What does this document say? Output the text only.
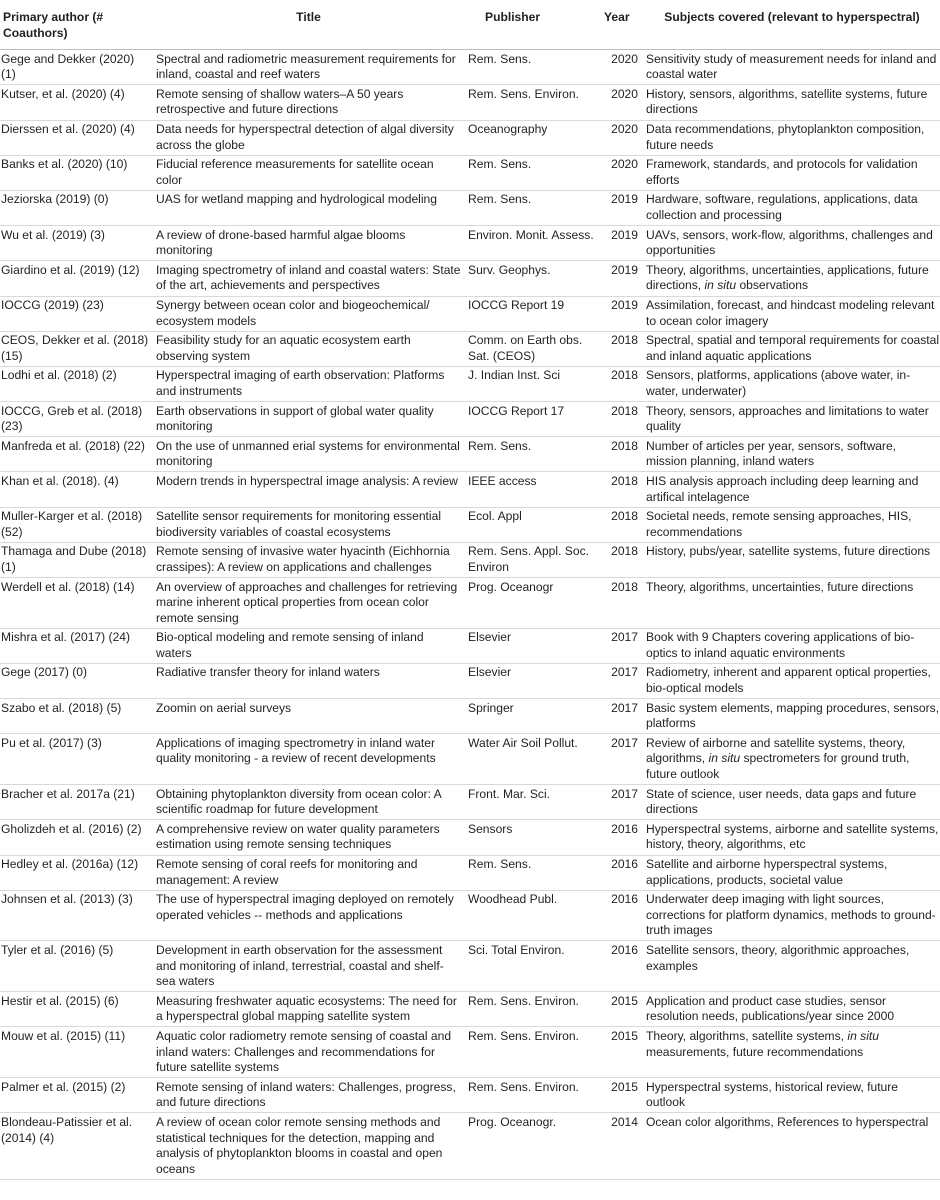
Primary author (# Coauthors)	Title	Publisher	Year	Subjects covered (relevant to hyperspectral)
Gege and Dekker (2020) (1)	Spectral and radiometric measurement requirements for inland, coastal and reef waters	Rem. Sens.	2020	Sensitivity study of measurement needs for inland and coastal water
Kutser, et al. (2020) (4)	Remote sensing of shallow waters–A 50 years retrospective and future directions	Rem. Sens. Environ.	2020	History, sensors, algorithms, satellite systems, future directions
Dierssen et al. (2020) (4)	Data needs for hyperspectral detection of algal diversity across the globe	Oceanography	2020	Data recommendations, phytoplankton composition, future needs
Banks et al. (2020) (10)	Fiducial reference measurements for satellite ocean color	Rem. Sens.	2020	Framework, standards, and protocols for validation efforts
Jeziorska (2019) (0)	UAS for wetland mapping and hydrological modeling	Rem. Sens.	2019	Hardware, software, regulations, applications, data collection and processing
Wu et al. (2019) (3)	A review of drone-based harmful algae blooms monitoring	Environ. Monit. Assess.	2019	UAVs, sensors, work-flow, algorithms, challenges and opportunities
Giardino et al. (2019) (12)	Imaging spectrometry of inland and coastal waters: State of the art, achievements and perspectives	Surv. Geophys.	2019	Theory, algorithms, uncertainties, applications, future directions, in situ observations
IOCCG (2019) (23)	Synergy between ocean color and biogeochemical/ ecosystem models	IOCCG Report 19	2019	Assimilation, forecast, and hindcast modeling relevant to ocean color imagery
CEOS, Dekker et al. (2018) (15)	Feasibility study for an aquatic ecosystem earth observing system	Comm. on Earth obs. Sat. (CEOS)	2018	Spectral, spatial and temporal requirements for coastal and inland aquatic applications
Lodhi et al. (2018) (2)	Hyperspectral imaging of earth observation: Platforms and instruments	J. Indian Inst. Sci	2018	Sensors, platforms, applications (above water, in-water, underwater)
IOCCG, Greb et al. (2018) (23)	Earth observations in support of global water quality monitoring	IOCCG Report 17	2018	Theory, sensors, approaches and limitations to water quality
Manfreda et al. (2018) (22)	On the use of unmanned erial systems for environmental monitoring	Rem. Sens.	2018	Number of articles per year, sensors, software, mission planning, inland waters
Khan et al. (2018). (4)	Modern trends in hyperspectral image analysis: A review	IEEE access	2018	HIS analysis approach including deep learning and artifical intelagence
Muller-Karger et al. (2018) (52)	Satellite sensor requirements for monitoring essential biodiversity variables of coastal ecosystems	Ecol. Appl	2018	Societal needs, remote sensing approaches, HIS, recommendations
Thamaga and Dube (2018) (1)	Remote sensing of invasive water hyacinth (Eichhornia crassipes): A review on applications and challenges	Rem. Sens. Appl. Soc. Environ	2018	History, pubs/year, satellite systems, future directions
Werdell et al. (2018) (14)	An overview of approaches and challenges for retrieving marine inherent optical properties from ocean color remote sensing	Prog. Oceanogr	2018	Theory, algorithms, uncertainties, future directions
Mishra et al. (2017) (24)	Bio-optical modeling and remote sensing of inland waters	Elsevier	2017	Book with 9 Chapters covering applications of bio-optics to inland aquatic environments
Gege (2017) (0)	Radiative transfer theory for inland waters	Elsevier	2017	Radiometry, inherent and apparent optical properties, bio-optical models
Szabo et al. (2018) (5)	Zoomin on aerial surveys	Springer	2017	Basic system elements, mapping procedures, sensors, platforms
Pu et al. (2017) (3)	Applications of imaging spectrometry in inland water quality monitoring - a review of recent developments	Water Air Soil Pollut.	2017	Review of airborne and satellite systems, theory, algorithms, in situ spectrometers for ground truth, future outlook
Bracher et al. 2017a (21)	Obtaining phytoplankton diversity from ocean color: A scientific roadmap for future development	Front. Mar. Sci.	2017	State of science, user needs, data gaps and future directions
Gholizdeh et al. (2016) (2)	A comprehensive review on water quality parameters estimation using remote sensing techniques	Sensors	2016	Hyperspectral systems, airborne and satellite systems, history, theory, algorithms, etc
Hedley et al. (2016a) (12)	Remote sensing of coral reefs for monitoring and management: A review	Rem. Sens.	2016	Satellite and airborne hyperspectral systems, applications, products, societal value
Johnsen et al. (2013) (3)	The use of hyperspectral imaging deployed on remotely operated vehicles -- methods and applications	Woodhead Publ.	2016	Underwater deep imaging with light sources, corrections for platform dynamics, methods to ground-truth images
Tyler et al. (2016) (5)	Development in earth observation for the assessment and monitoring of inland, terrestrial, coastal and shelf-sea waters	Sci. Total Environ.	2016	Satellite sensors, theory, algorithmic approaches, examples
Hestir et al. (2015) (6)	Measuring freshwater aquatic ecosystems: The need for a hyperspectral global mapping satellite system	Rem. Sens. Environ.	2015	Application and product case studies, sensor resolution needs, publications/year since 2000
Mouw et al. (2015) (11)	Aquatic color radiometry remote sensing of coastal and inland waters: Challenges and recommendations for future satellite systems	Rem. Sens. Environ.	2015	Theory, algorithms, satellite systems, in situ measurements, future recommendations
Palmer et al. (2015) (2)	Remote sensing of inland waters: Challenges, progress, and future directions	Rem. Sens. Environ.	2015	Hyperspectral systems, historical review, future outlook
Blondeau-Patissier et al. (2014) (4)	A review of ocean color remote sensing methods and statistical techniques for the detection, mapping and analysis of phytoplankton blooms in coastal and open oceans	Prog. Oceanogr.	2014	Ocean color algorithms, References to hyperspectral
